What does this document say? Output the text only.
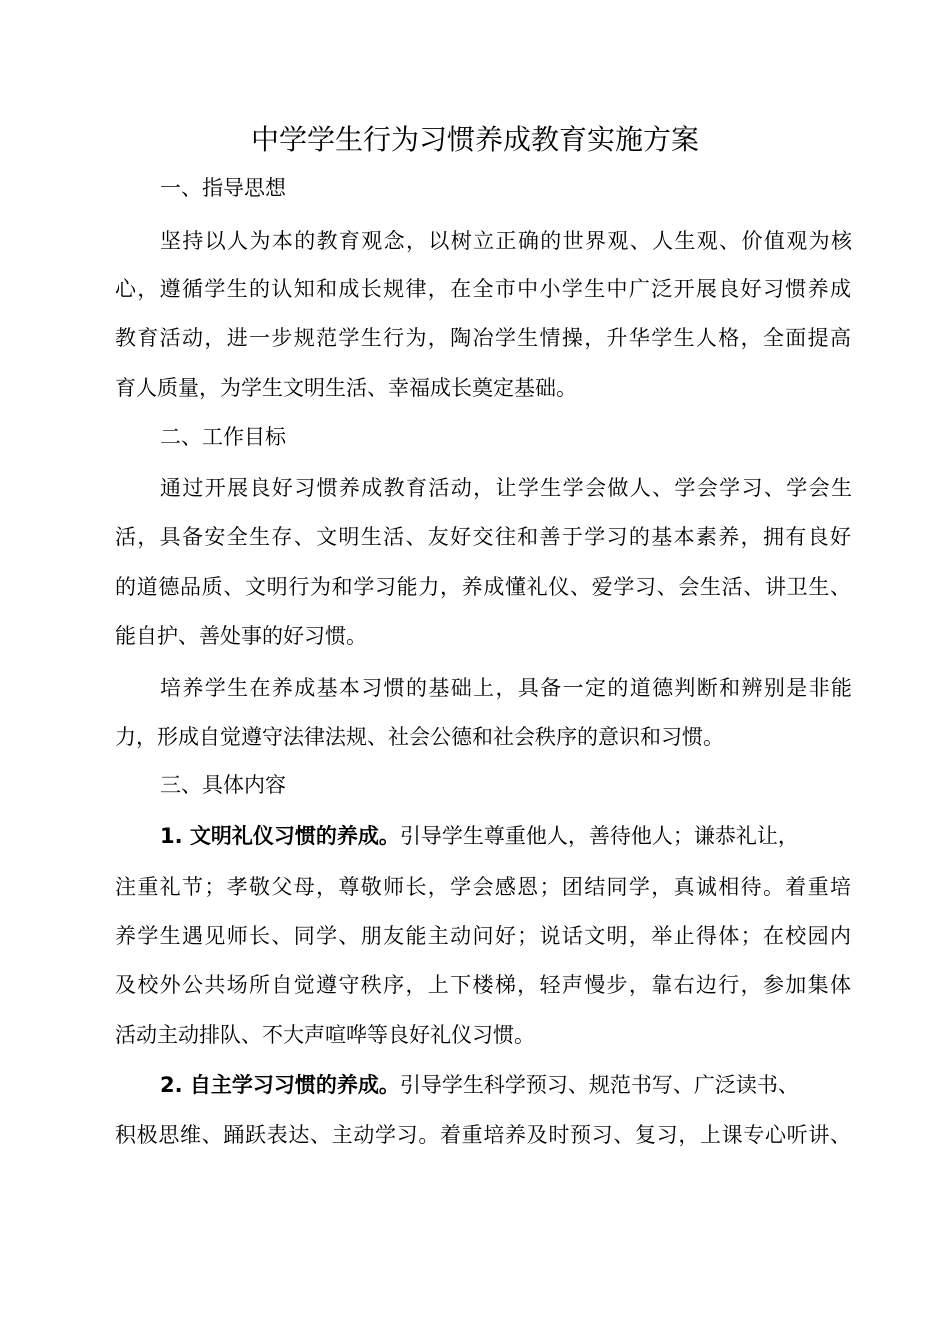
中学学生行为习惯养成教育实施方案
一、指导思想
坚持以人为本的教育观念，以树立正确的世界观、人生观、价值观为核
心，遵循学生的认知和成长规律，在全市中小学生中广泛开展良好习惯养成
教育活动，进一步规范学生行为，陶冶学生情操，升华学生人格，全面提高
育人质量，为学生文明生活、幸福成长奠定基础。
二、工作目标
通过开展良好习惯养成教育活动，让学生学会做人、学会学习、学会生
活，具备安全生存、文明生活、友好交往和善于学习的基本素养，拥有良好
的道德品质、文明行为和学习能力，养成懂礼仪、爱学习、会生活、讲卫生、
能自护、善处事的好习惯。
培养学生在养成基本习惯的基础上，具备一定的道德判断和辨别是非能
力，形成自觉遵守法律法规、社会公德和社会秩序的意识和习惯。
三、具体内容
1. 文明礼仪习惯的养成。引导学生尊重他人，善待他人；谦恭礼让，
注重礼节；孝敬父母，尊敬师长，学会感恩；团结同学，真诚相待。着重培
养学生遇见师长、同学、朋友能主动问好；说话文明，举止得体；在校园内
及校外公共场所自觉遵守秩序，上下楼梯，轻声慢步，靠右边行，参加集体
活动主动排队、不大声喧哗等良好礼仪习惯。
2. 自主学习习惯的养成。引导学生科学预习、规范书写、广泛读书、
积极思维、踊跃表达、主动学习。着重培养及时预习、复习，上课专心听讲、
